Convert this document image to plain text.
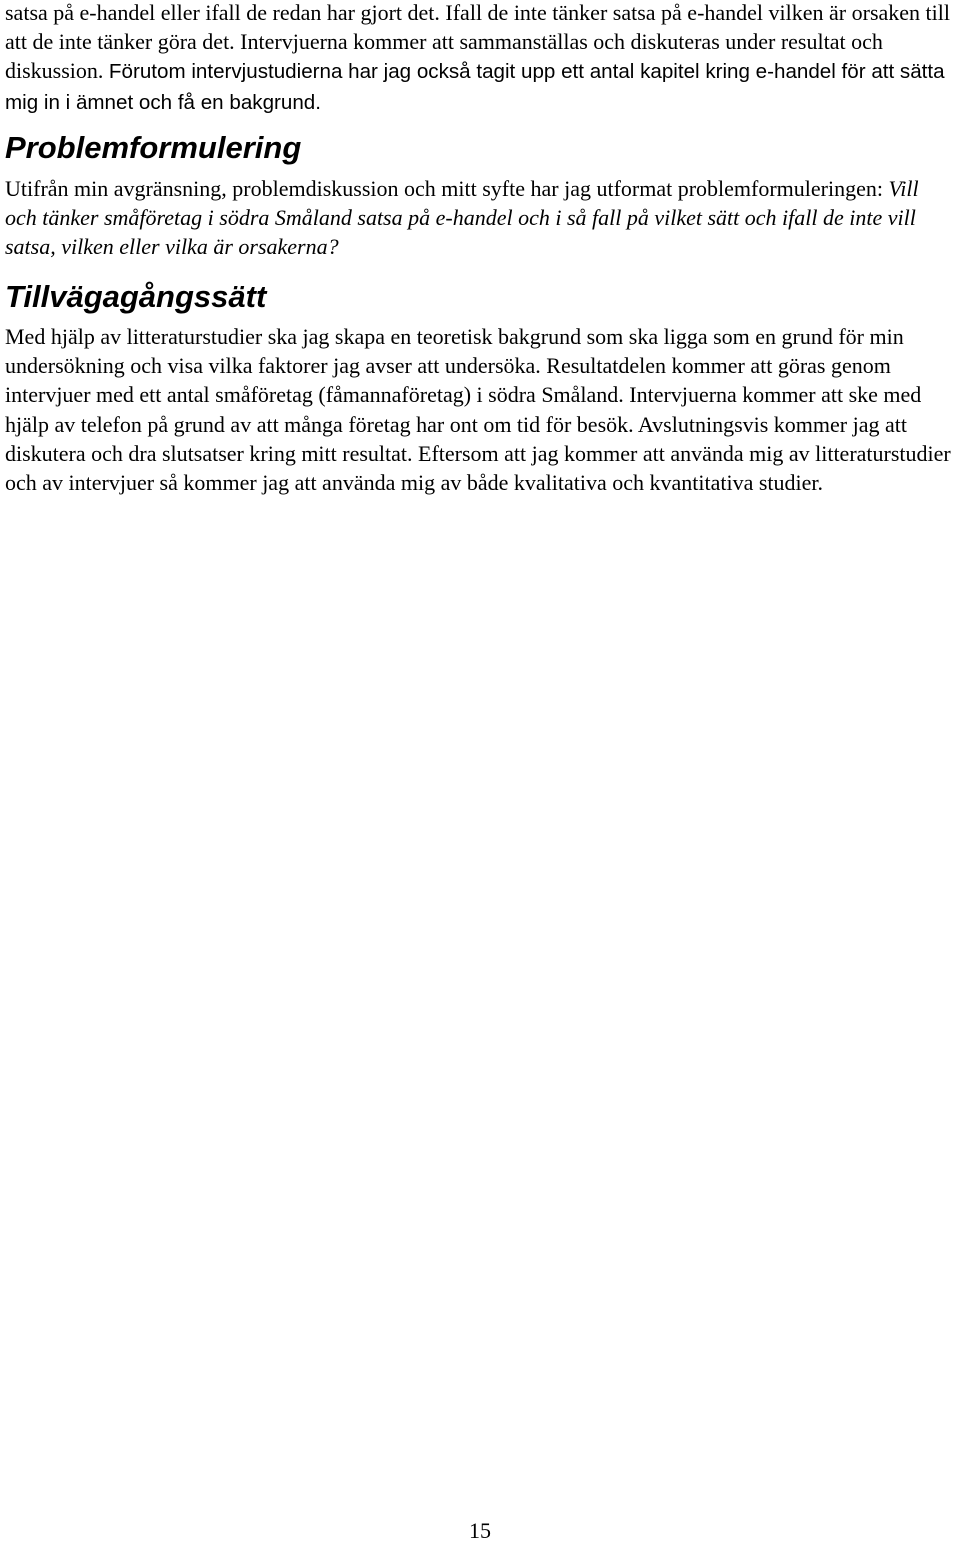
satsa på e-handel eller ifall de redan har gjort det. Ifall de inte tänker satsa på e-handel vilken är orsaken till att de inte tänker göra det. Intervjuerna kommer att sammanställas och diskuteras under resultat och diskussion. Förutom intervjustudierna har jag också tagit upp ett antal kapitel kring e-handel för att sätta mig in i ämnet och få en bakgrund.

Problemformulering

Utifrån min avgränsning, problemdiskussion och mitt syfte har jag utformat problemformuleringen: Vill och tänker småföretag i södra Småland satsa på e-handel och i så fall på vilket sätt och ifall de inte vill satsa, vilken eller vilka är orsakerna?

Tillvägagångssätt

Med hjälp av litteraturstudier ska jag skapa en teoretisk bakgrund som ska ligga som en grund för min undersökning och visa vilka faktorer jag avser att undersöka. Resultatdelen kommer att göras genom intervjuer med ett antal småföretag (fåmannaföretag) i södra Småland. Intervjuerna kommer att ske med hjälp av telefon på grund av att många företag har ont om tid för besök. Avslutningsvis kommer jag att diskutera och dra slutsatser kring mitt resultat. Eftersom att jag kommer att använda mig av litteraturstudier och av intervjuer så kommer jag att använda mig av både kvalitativa och kvantitativa studier.

15
